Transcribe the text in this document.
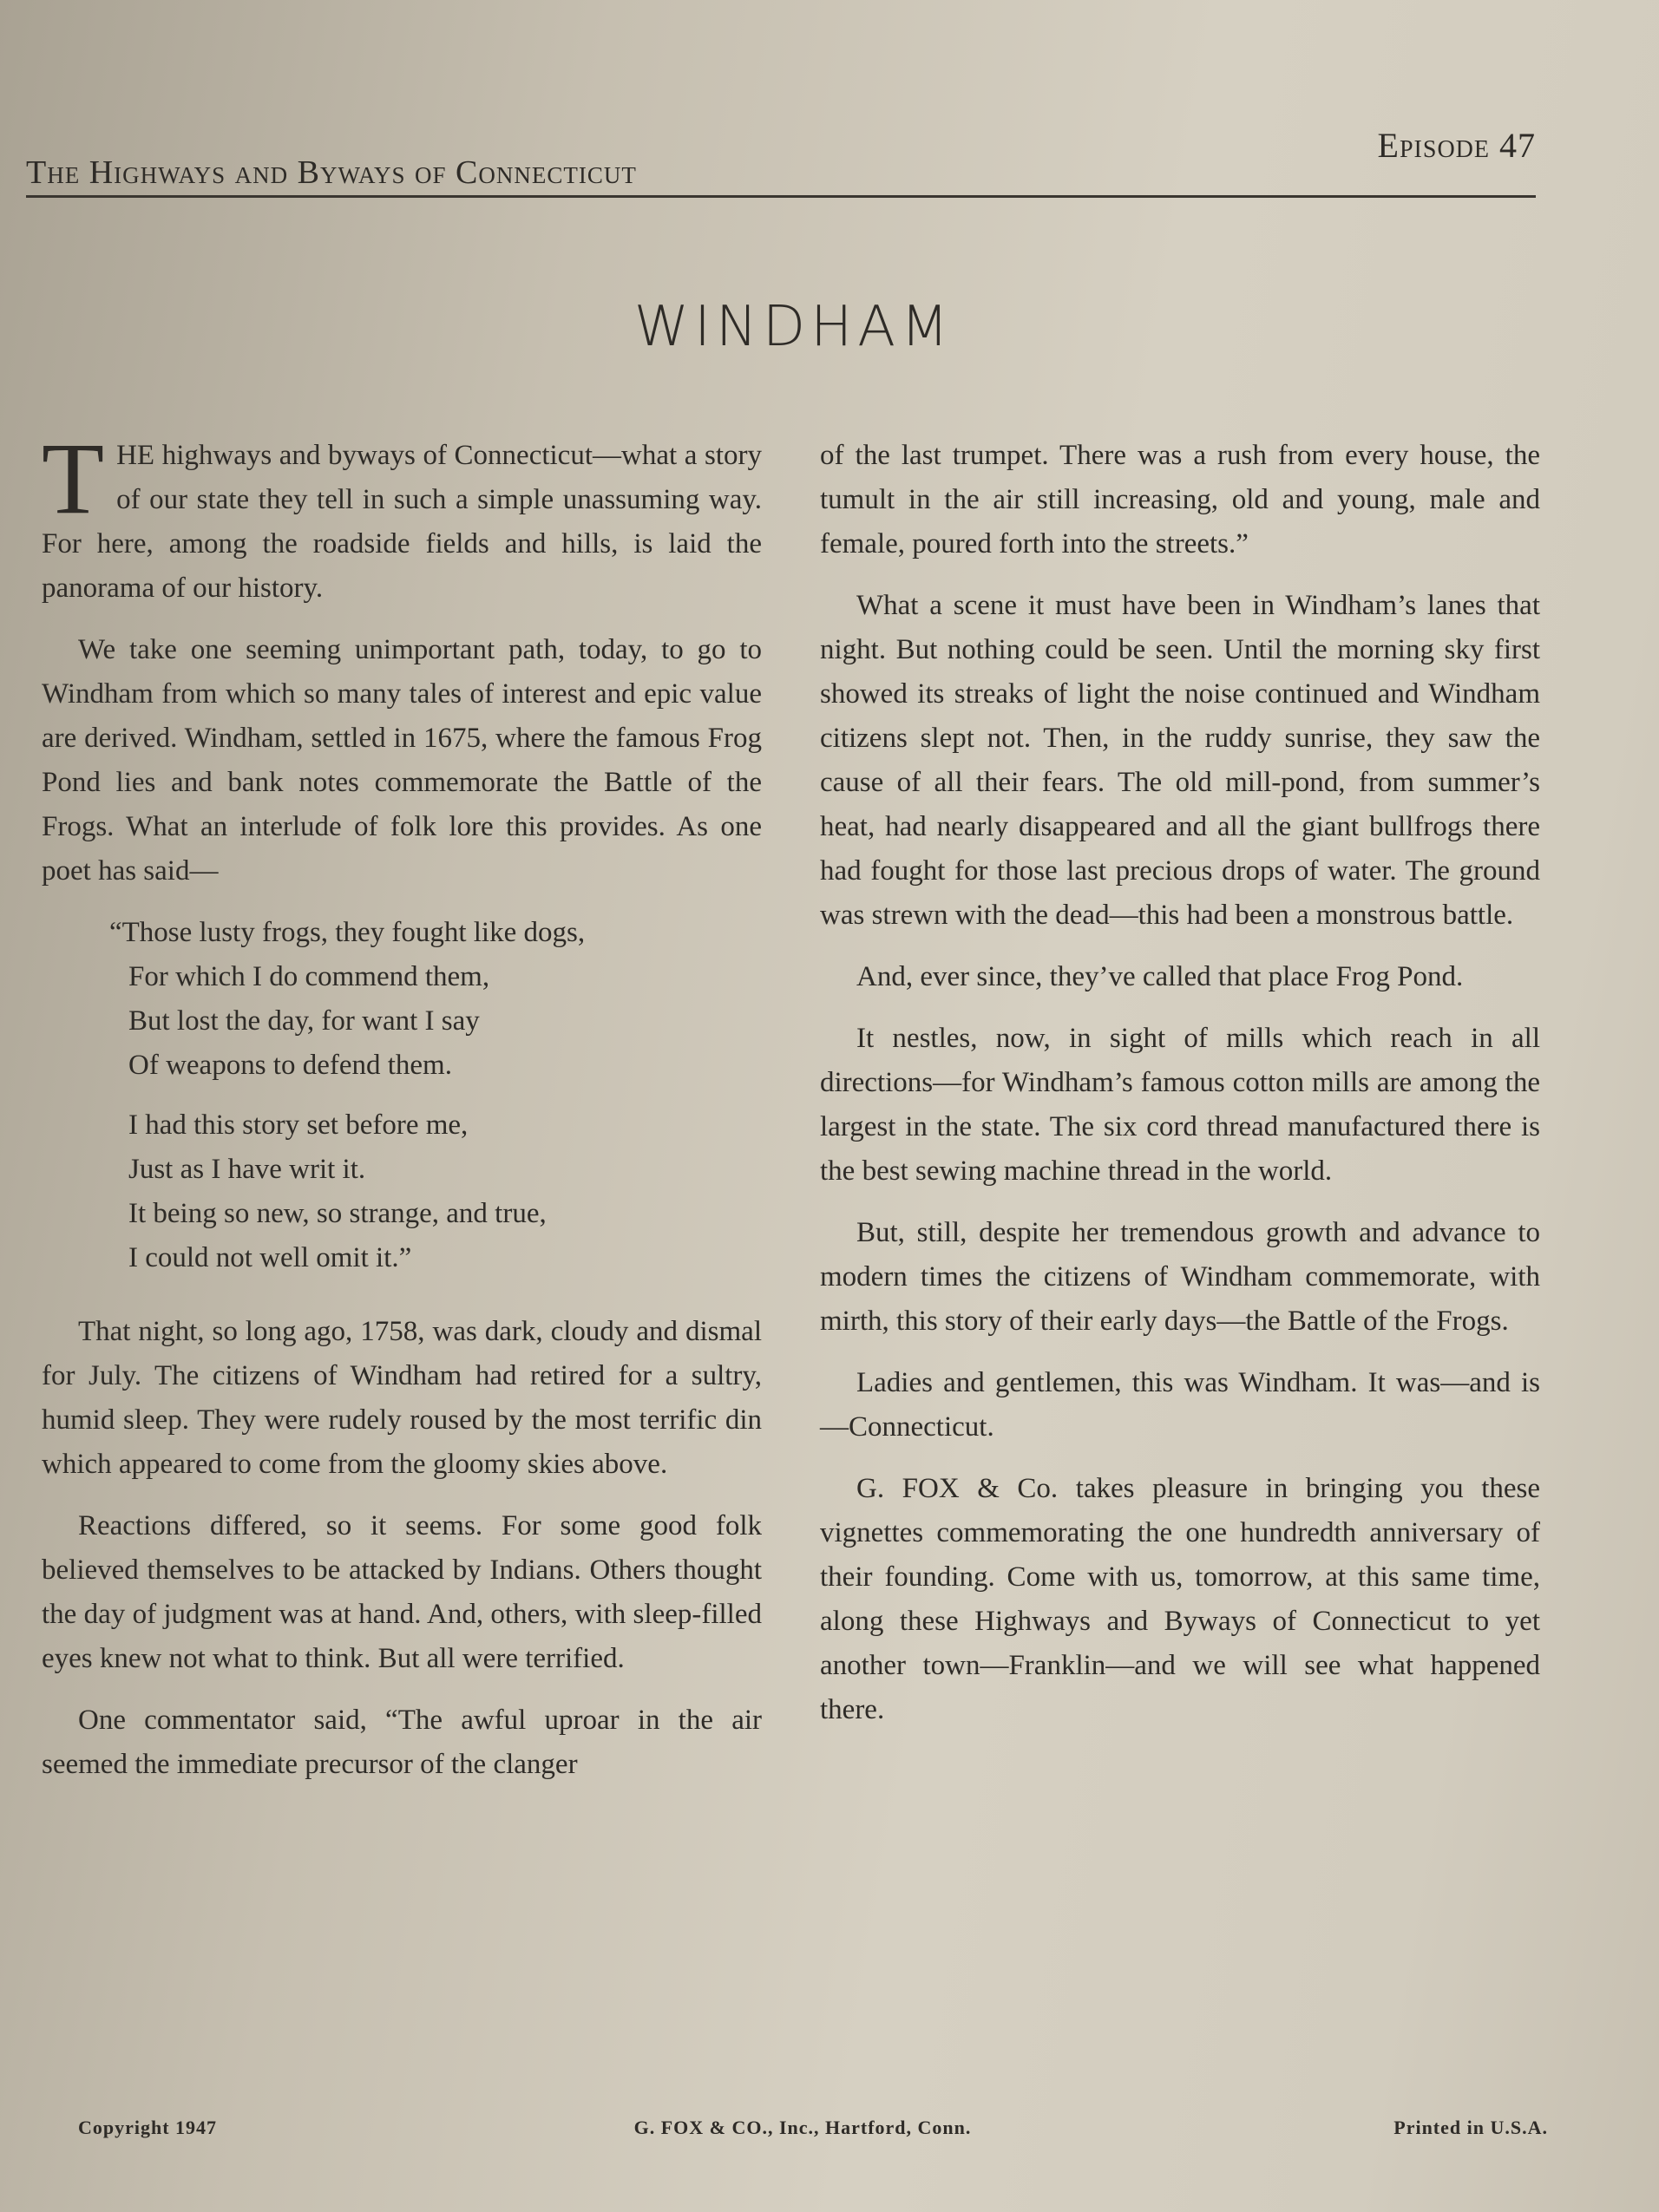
The Highways and Byways of Connecticut
Episode 47
WINDHAM

THE highways and byways of Connecticut—what a story of our state they tell in such a simple unassuming way. For here, among the roadside fields and hills, is laid the panorama of our history.

We take one seeming unimportant path, today, to go to Windham from which so many tales of interest and epic value are derived. Windham, settled in 1675, where the famous Frog Pond lies and bank notes commemorate the Battle of the Frogs. What an interlude of folk lore this provides. As one poet has said—

“Those lusty frogs, they fought like dogs,
For which I do commend them,
But lost the day, for want I say
Of weapons to defend them.
I had this story set before me,
Just as I have writ it.
It being so new, so strange, and true,
I could not well omit it.”

That night, so long ago, 1758, was dark, cloudy and dismal for July. The citizens of Windham had retired for a sultry, humid sleep. They were rudely roused by the most terrific din which appeared to come from the gloomy skies above.

Reactions differed, so it seems. For some good folk believed themselves to be attacked by Indians. Others thought the day of judgment was at hand. And, others, with sleep-filled eyes knew not what to think. But all were terrified.

One commentator said, “The awful uproar in the air seemed the immediate precursor of the clanger

of the last trumpet. There was a rush from every house, the tumult in the air still increasing, old and young, male and female, poured forth into the streets.”

What a scene it must have been in Windham’s lanes that night. But nothing could be seen. Until the morning sky first showed its streaks of light the noise continued and Windham citizens slept not. Then, in the ruddy sunrise, they saw the cause of all their fears. The old mill-pond, from summer’s heat, had nearly disappeared and all the giant bullfrogs there had fought for those last precious drops of water. The ground was strewn with the dead—this had been a monstrous battle.

And, ever since, they’ve called that place Frog Pond.

It nestles, now, in sight of mills which reach in all directions—for Windham’s famous cotton mills are among the largest in the state. The six cord thread manufactured there is the best sewing machine thread in the world.

But, still, despite her tremendous growth and advance to modern times the citizens of Windham commemorate, with mirth, this story of their early days—the Battle of the Frogs.

Ladies and gentlemen, this was Windham. It was—and is—Connecticut.

G. FOX & Co. takes pleasure in bringing you these vignettes commemorating the one hundredth anniversary of their founding. Come with us, tomorrow, at this same time, along these Highways and Byways of Connecticut to yet another town—Franklin—and we will see what happened there.

Copyright 1947	G. FOX & CO., Inc., Hartford, Conn.	Printed in U.S.A.
